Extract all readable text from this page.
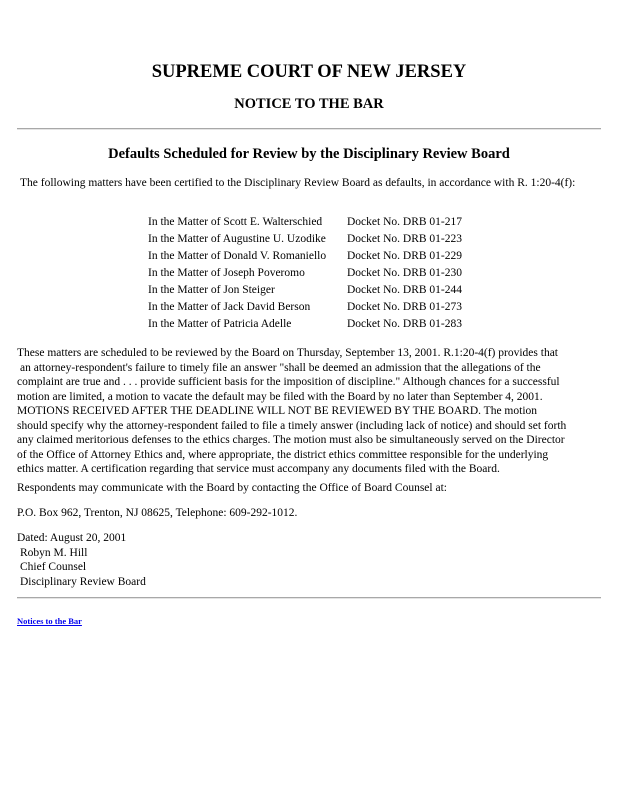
SUPREME COURT OF NEW JERSEY
NOTICE TO THE BAR
Defaults Scheduled for Review by the Disciplinary Review Board
The following matters have been certified to the Disciplinary Review Board as defaults, in accordance with R. 1:20-4(f):
In the Matter of Scott E. Walterschied	Docket No. DRB 01-217
In the Matter of Augustine U. Uzodike	Docket No. DRB 01-223
In the Matter of Donald V. Romaniello	Docket No. DRB 01-229
In the Matter of Joseph Poveromo	Docket No. DRB 01-230
In the Matter of Jon Steiger	Docket No. DRB 01-244
In the Matter of Jack David Berson	Docket No. DRB 01-273
In the Matter of Patricia Adelle	Docket No. DRB 01-283
These matters are scheduled to be reviewed by the Board on Thursday, September 13, 2001. R.1:20-4(f) provides that
an attorney-respondent's failure to timely file an answer "shall be deemed an admission that the allegations of the
complaint are true and . . . provide sufficient basis for the imposition of discipline." Although chances for a successful
motion are limited, a motion to vacate the default may be filed with the Board by no later than September 4, 2001.
MOTIONS RECEIVED AFTER THE DEADLINE WILL NOT BE REVIEWED BY THE BOARD. The motion
should specify why the attorney-respondent failed to file a timely answer (including lack of notice) and should set forth
any claimed meritorious defenses to the ethics charges. The motion must also be simultaneously served on the Director
of the Office of Attorney Ethics and, where appropriate, the district ethics committee responsible for the underlying
ethics matter. A certification regarding that service must accompany any documents filed with the Board.
Respondents may communicate with the Board by contacting the Office of Board Counsel at:
P.O. Box 962, Trenton, NJ 08625, Telephone: 609-292-1012.
Dated: August 20, 2001
Robyn M. Hill
Chief Counsel
Disciplinary Review Board
Notices to the Bar
